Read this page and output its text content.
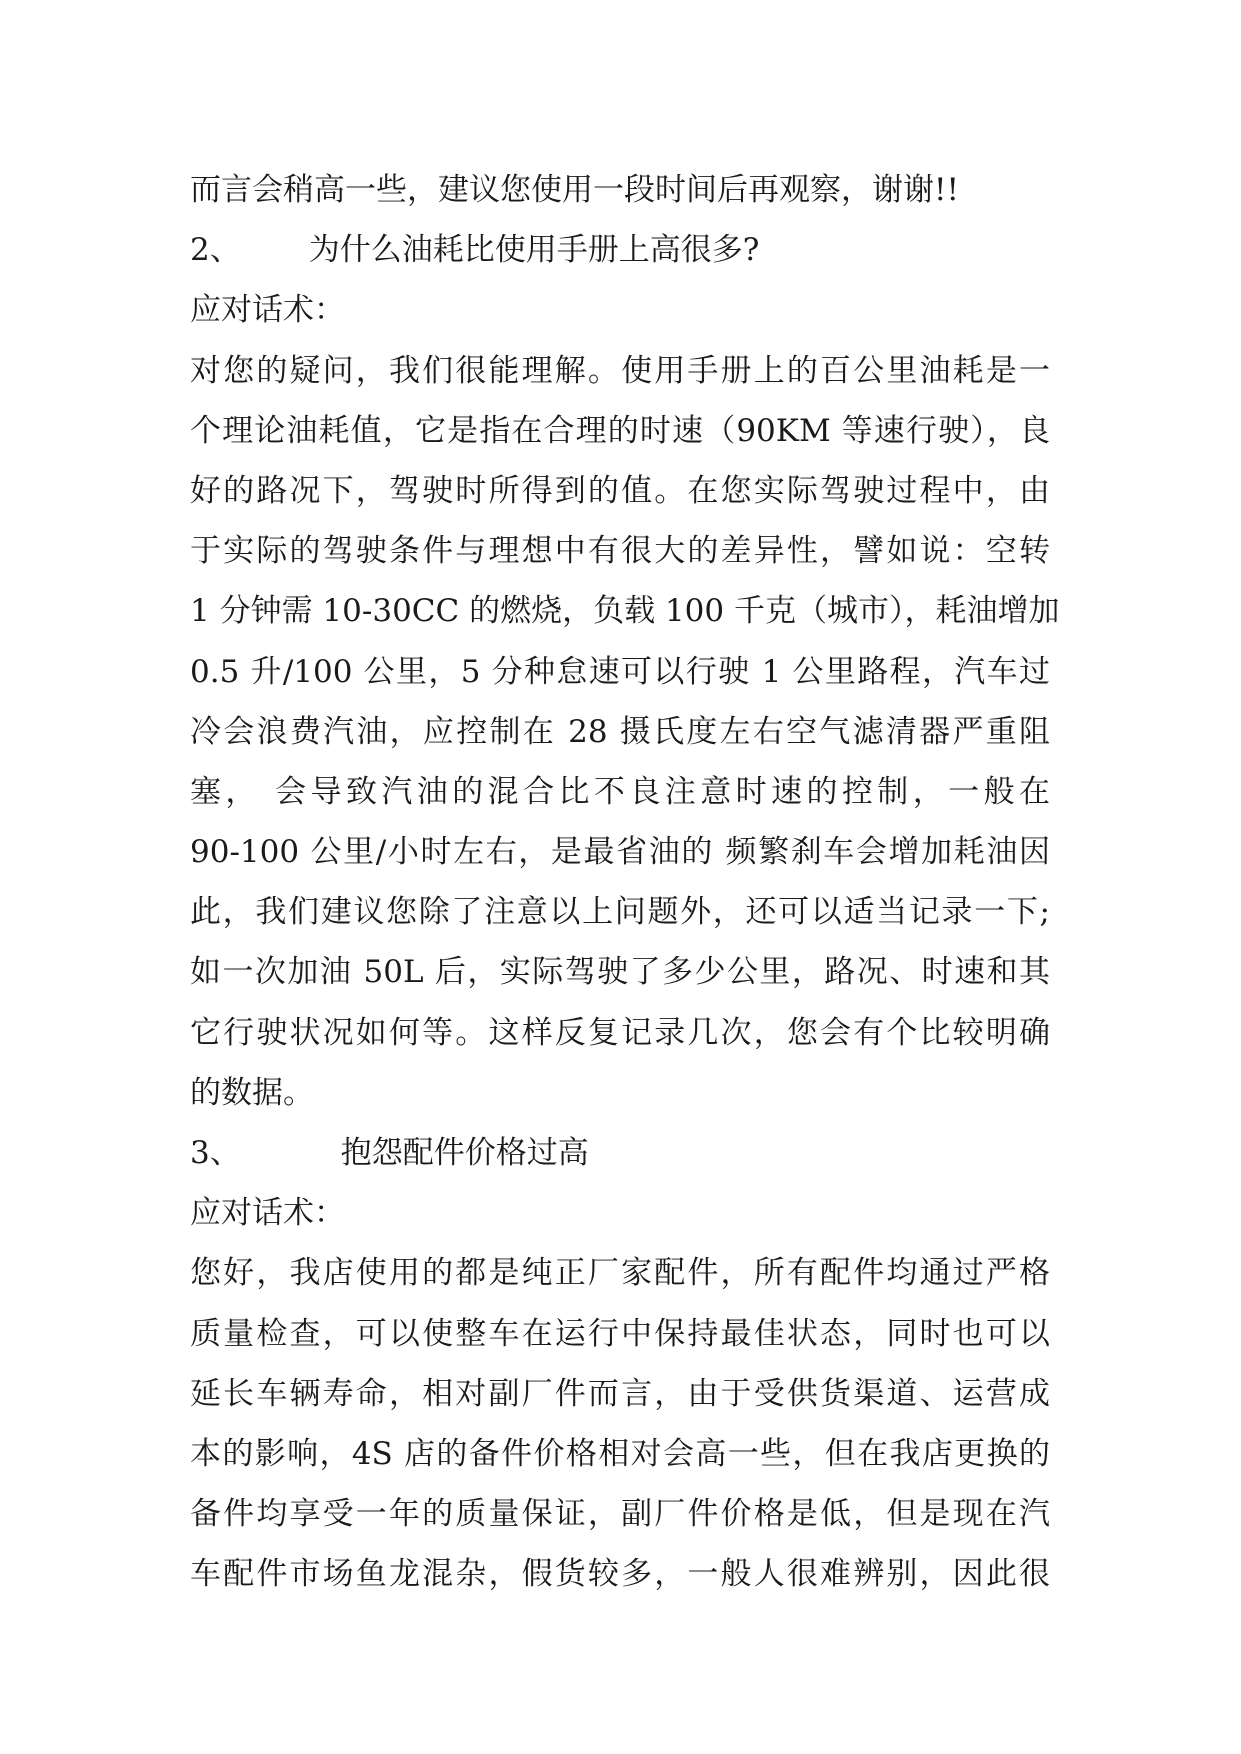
而言会稍高一些，建议您使用一段时间后再观察，谢谢!!
2、 为什么油耗比使用手册上高很多?
应对话术：
对您的疑问，我们很能理解。使用手册上的百公里油耗是一
个理论油耗值，它是指在合理的时速（90KM 等速行驶），良
好的路况下，驾驶时所得到的值。在您实际驾驶过程中，由
于实际的驾驶条件与理想中有很大的差异性，譬如说：空转
1 分钟需 10-30CC 的燃烧，负载 100 千克（城市），耗油增加
0.5 升/100 公里，5 分种怠速可以行驶 1 公里路程，汽车过
冷会浪费汽油，应控制在 28 摄氏度左右空气滤清器严重阻
塞， 会导致汽油的混合比不良注意时速的控制，一般在
90-100 公里/小时左右，是最省油的 频繁刹车会增加耗油因
此，我们建议您除了注意以上问题外，还可以适当记录一下;
如一次加油 50L 后，实际驾驶了多少公里，路况、时速和其
它行驶状况如何等。这样反复记录几次，您会有个比较明确
的数据。
3、	抱怨配件价格过高
应对话术：
您好，我店使用的都是纯正厂家配件，所有配件均通过严格
质量检查，可以使整车在运行中保持最佳状态，同时也可以
延长车辆寿命，相对副厂件而言，由于受供货渠道、运营成
本的影响，4S 店的备件价格相对会高一些，但在我店更换的
备件均享受一年的质量保证，副厂件价格是低，但是现在汽
车配件市场鱼龙混杂，假货较多，一般人很难辨别，因此很
